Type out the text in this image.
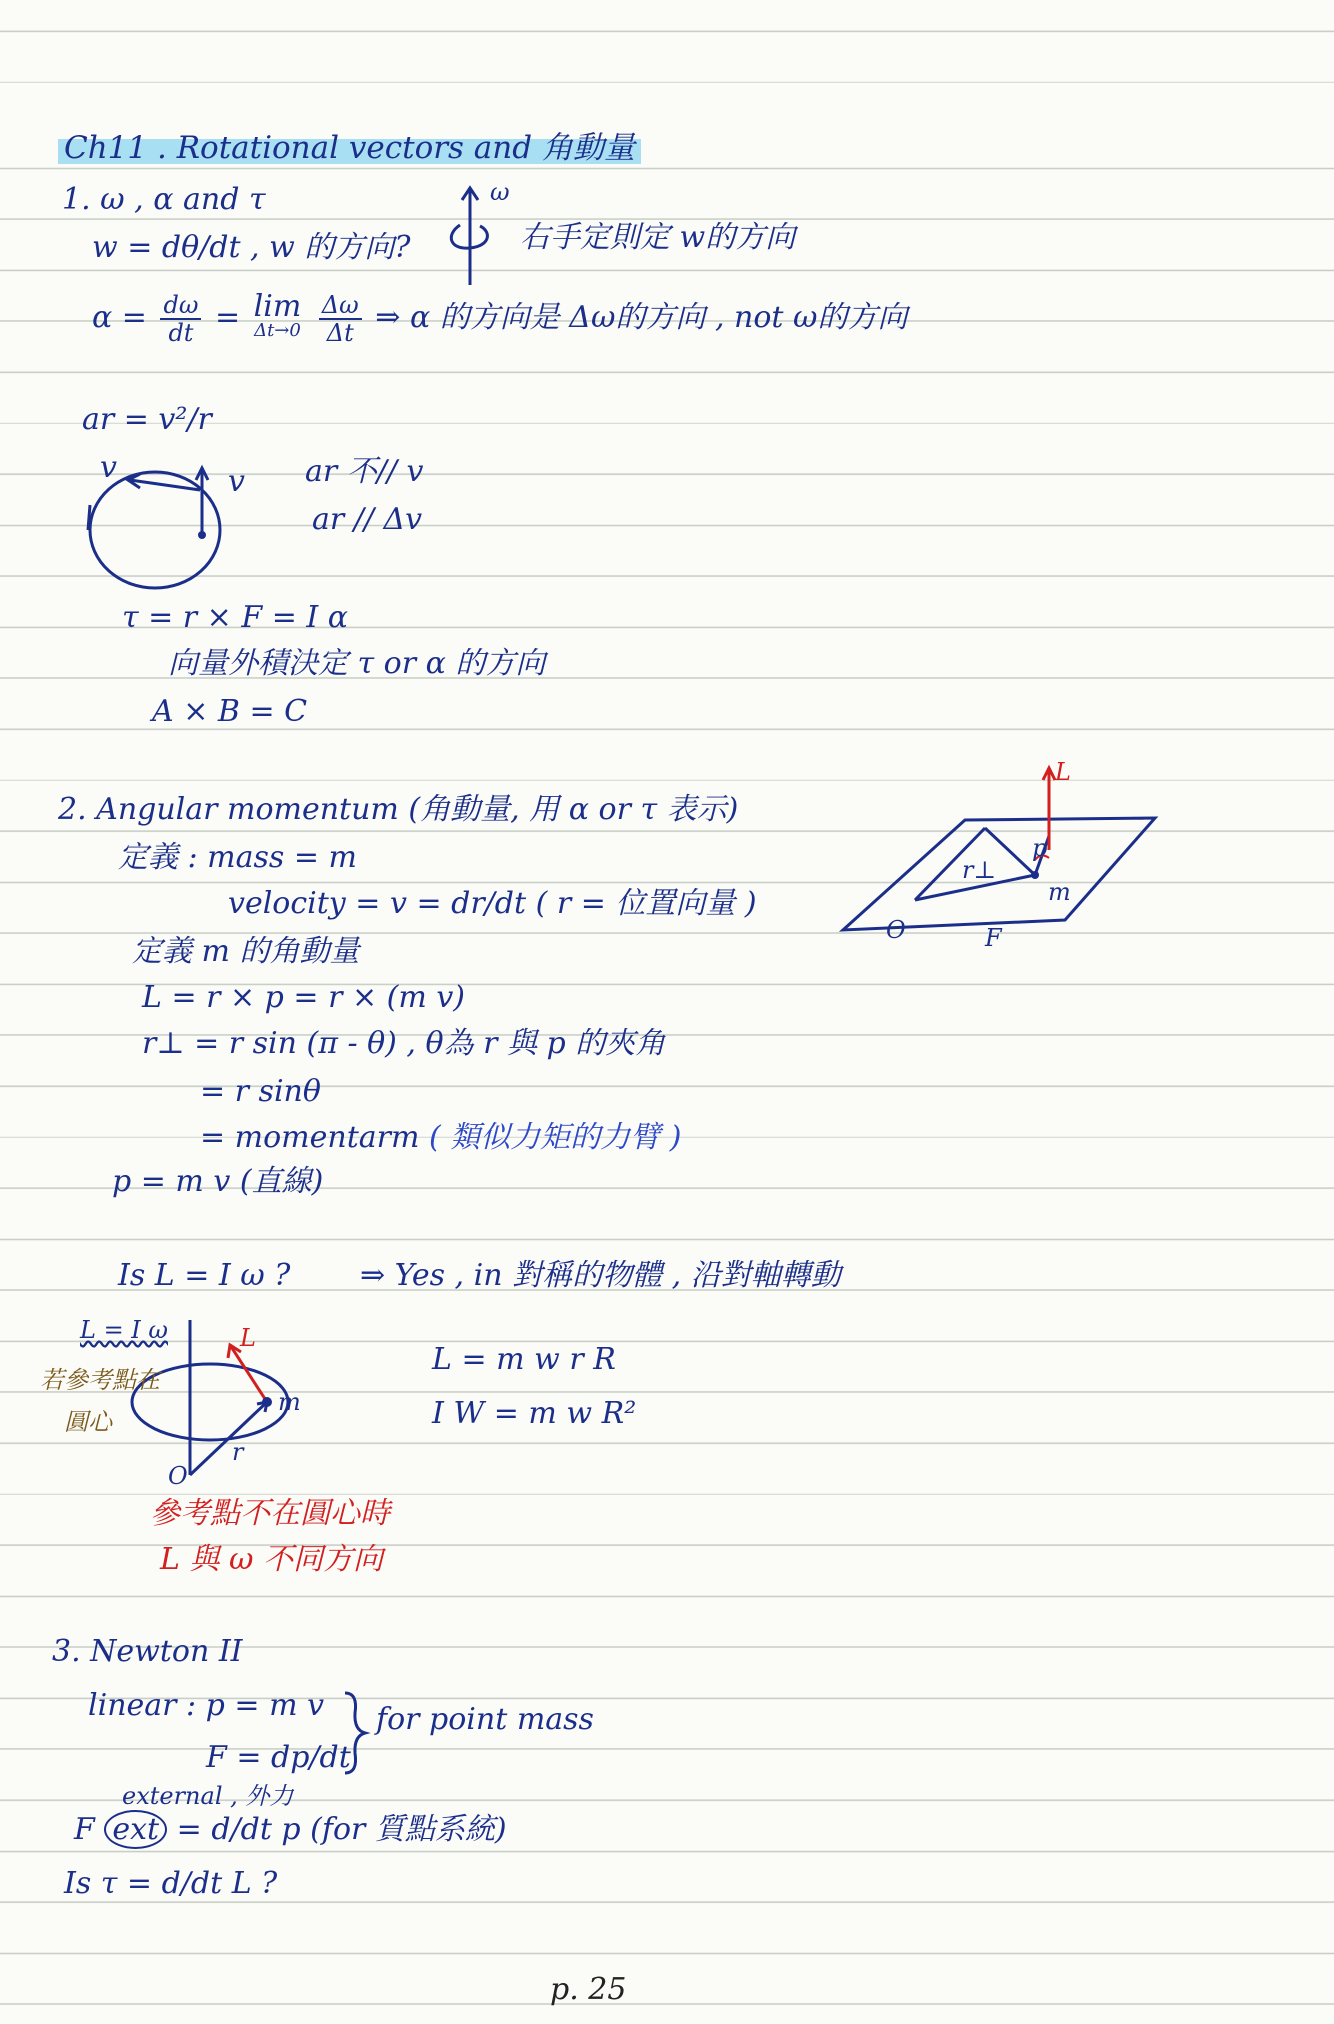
Ch11 . Rotational vectors and 角動量
1. ω , α and τ
w = dθ/dt , w 的方向?	右手定則定 w的方向
ω
$\alpha = \frac{d\omega}{dt} = \lim$
Δt→0
$\frac{\Delta\omega}{\Delta t}$ ⇒ α 的方向是 Δω的方向 , not ω的方向
ar = v²/r
v	v ar 不// v
ar // Δv
τ = r × F = I α
向量外積決定 τ or α 的方向
A × B = C
2. Angular momentum (角動量, 用 α or τ 表示)
定義 : mass = m
velocity = v = dr/dt ( r = 位置向量 )
定義 m 的角動量
L = r × p = r × (m v)
r⊥ = r sin (π - θ) , θ為 r 與 p 的夾角
= r sinθ
= momentarm ( 類似力矩的力臂 )
p = m v (直線)
L
p
r⊥
O	F
m
Is L = I ω ? ⇒ Yes , in 對稱的物體 , 沿對軸轉動
L
m
r
O
L = I ω
若參考點在
圓心
L = m w r R
I W = m w R²
參考點不在圓心時
L 與 ω 不同方向
3. Newton II
linear : p = m v
F = dp/dt
for point mass
external , 外力
F ext = d/dt p (for 質點系統)
Is τ = d/dt L ?
p. 25
